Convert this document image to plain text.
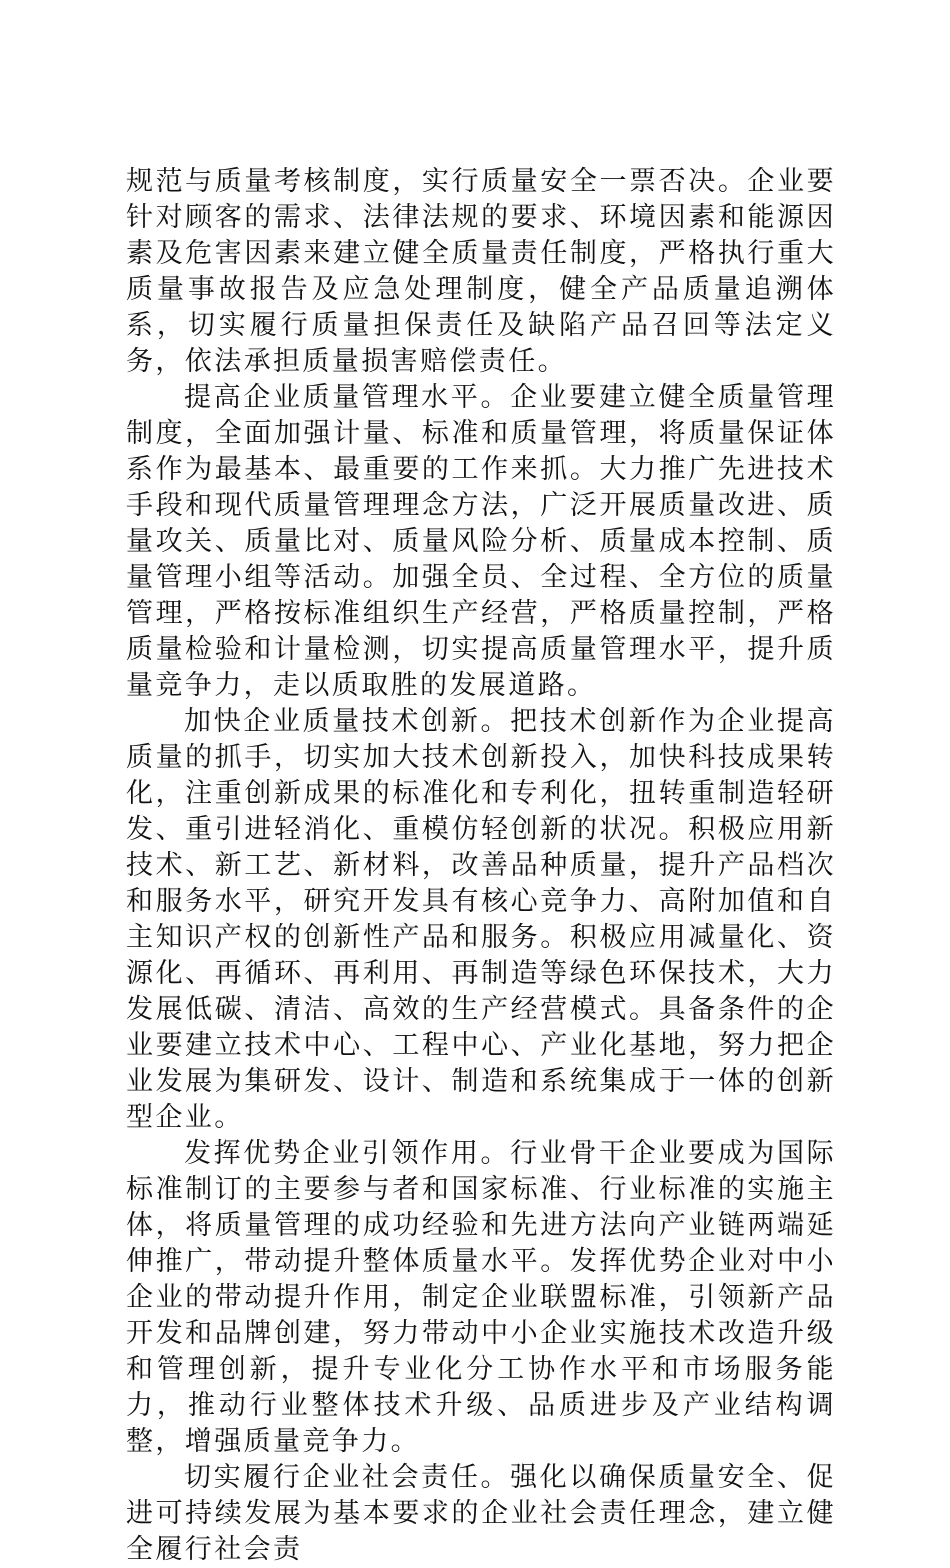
规范与质量考核制度，实行质量安全一票否决。企业要针对顾客的需求、法律法规的要求、环境因素和能源因素及危害因素来建立健全质量责任制度，严格执行重大质量事故报告及应急处理制度，健全产品质量追溯体系，切实履行质量担保责任及缺陷产品召回等法定义务，依法承担质量损害赔偿责任。

提高企业质量管理水平。企业要建立健全质量管理制度，全面加强计量、标准和质量管理，将质量保证体系作为最基本、最重要的工作来抓。大力推广先进技术手段和现代质量管理理念方法，广泛开展质量改进、质量攻关、质量比对、质量风险分析、质量成本控制、质量管理小组等活动。加强全员、全过程、全方位的质量管理，严格按标准组织生产经营，严格质量控制，严格质量检验和计量检测，切实提高质量管理水平，提升质量竞争力，走以质取胜的发展道路。

加快企业质量技术创新。把技术创新作为企业提高质量的抓手，切实加大技术创新投入，加快科技成果转化，注重创新成果的标准化和专利化，扭转重制造轻研发、重引进轻消化、重模仿轻创新的状况。积极应用新技术、新工艺、新材料，改善品种质量，提升产品档次和服务水平，研究开发具有核心竞争力、高附加值和自主知识产权的创新性产品和服务。积极应用减量化、资源化、再循环、再利用、再制造等绿色环保技术，大力发展低碳、清洁、高效的生产经营模式。具备条件的企业要建立技术中心、工程中心、产业化基地，努力把企业发展为集研发、设计、制造和系统集成于一体的创新型企业。

发挥优势企业引领作用。行业骨干企业要成为国际标准制订的主要参与者和国家标准、行业标准的实施主体，将质量管理的成功经验和先进方法向产业链两端延伸推广，带动提升整体质量水平。发挥优势企业对中小企业的带动提升作用，制定企业联盟标准，引领新产品开发和品牌创建，努力带动中小企业实施技术改造升级和管理创新，提升专业化分工协作水平和市场服务能力，推动行业整体技术升级、品质进步及产业结构调整，增强质量竞争力。

切实履行企业社会责任。强化以确保质量安全、促进可持续发展为基本要求的企业社会责任理念，建立健全履行社会责
